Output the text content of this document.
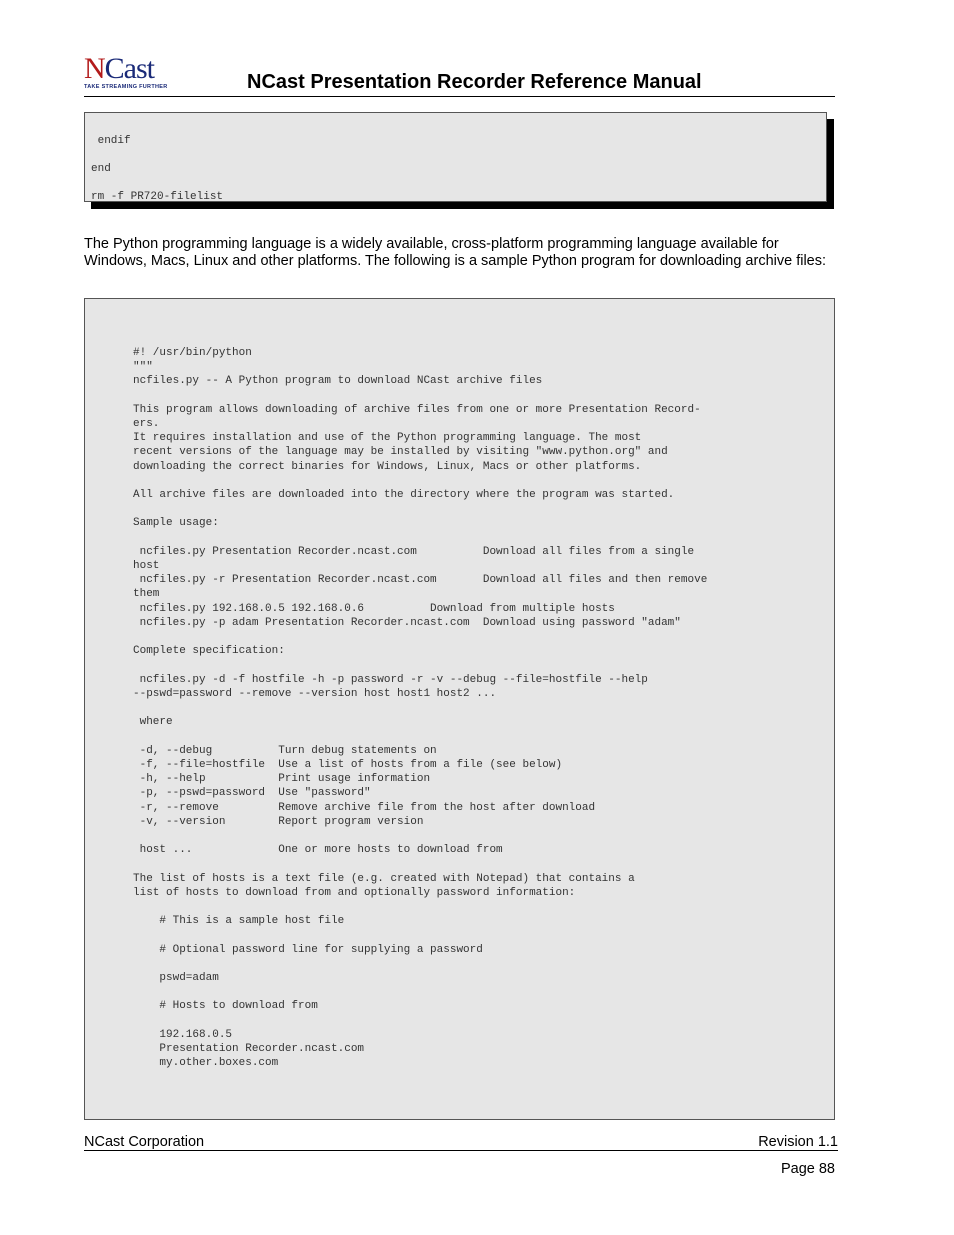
NCast
TAKE STREAMING FURTHER	NCast Presentation Recorder Reference Manual
endif
end
rm -f PR720-filelist
The Python programming language is a widely available, cross-platform programming language available for Windows, Macs, Linux and other platforms. The following is a sample Python program for downloading archive files:
#! /usr/bin/python
"""
ncfiles.py -- A Python program to download NCast archive files

This program allows downloading of archive files from one or more Presentation Record-
ers.
It requires installation and use of the Python programming language. The most
recent versions of the language may be installed by visiting "www.python.org" and
downloading the correct binaries for Windows, Linux, Macs or other platforms.

All archive files are downloaded into the directory where the program was started.

Sample usage:

ncfiles.py Presentation Recorder.ncast.com          Download all files from a single
host
ncfiles.py -r Presentation Recorder.ncast.com       Download all files and then remove
them
ncfiles.py 192.168.0.5 192.168.0.6          Download from multiple hosts
ncfiles.py -p adam Presentation Recorder.ncast.com  Download using password "adam"

Complete specification:

ncfiles.py -d -f hostfile -h -p password -r -v --debug --file=hostfile --help
--pswd=password --remove --version host host1 host2 ...

where

-d, --debug          Turn debug statements on
-f, --file=hostfile  Use a list of hosts from a file (see below)
-h, --help           Print usage information
-p, --pswd=password  Use "password"
-r, --remove         Remove archive file from the host after download
-v, --version        Report program version

host ...             One or more hosts to download from

The list of hosts is a text file (e.g. created with Notepad) that contains a
list of hosts to download from and optionally password information:

# This is a sample host file

# Optional password line for supplying a password

pswd=adam

# Hosts to download from

192.168.0.5
Presentation Recorder.ncast.com
my.other.boxes.com
NCast Corporation	Revision 1.1
Page 88
